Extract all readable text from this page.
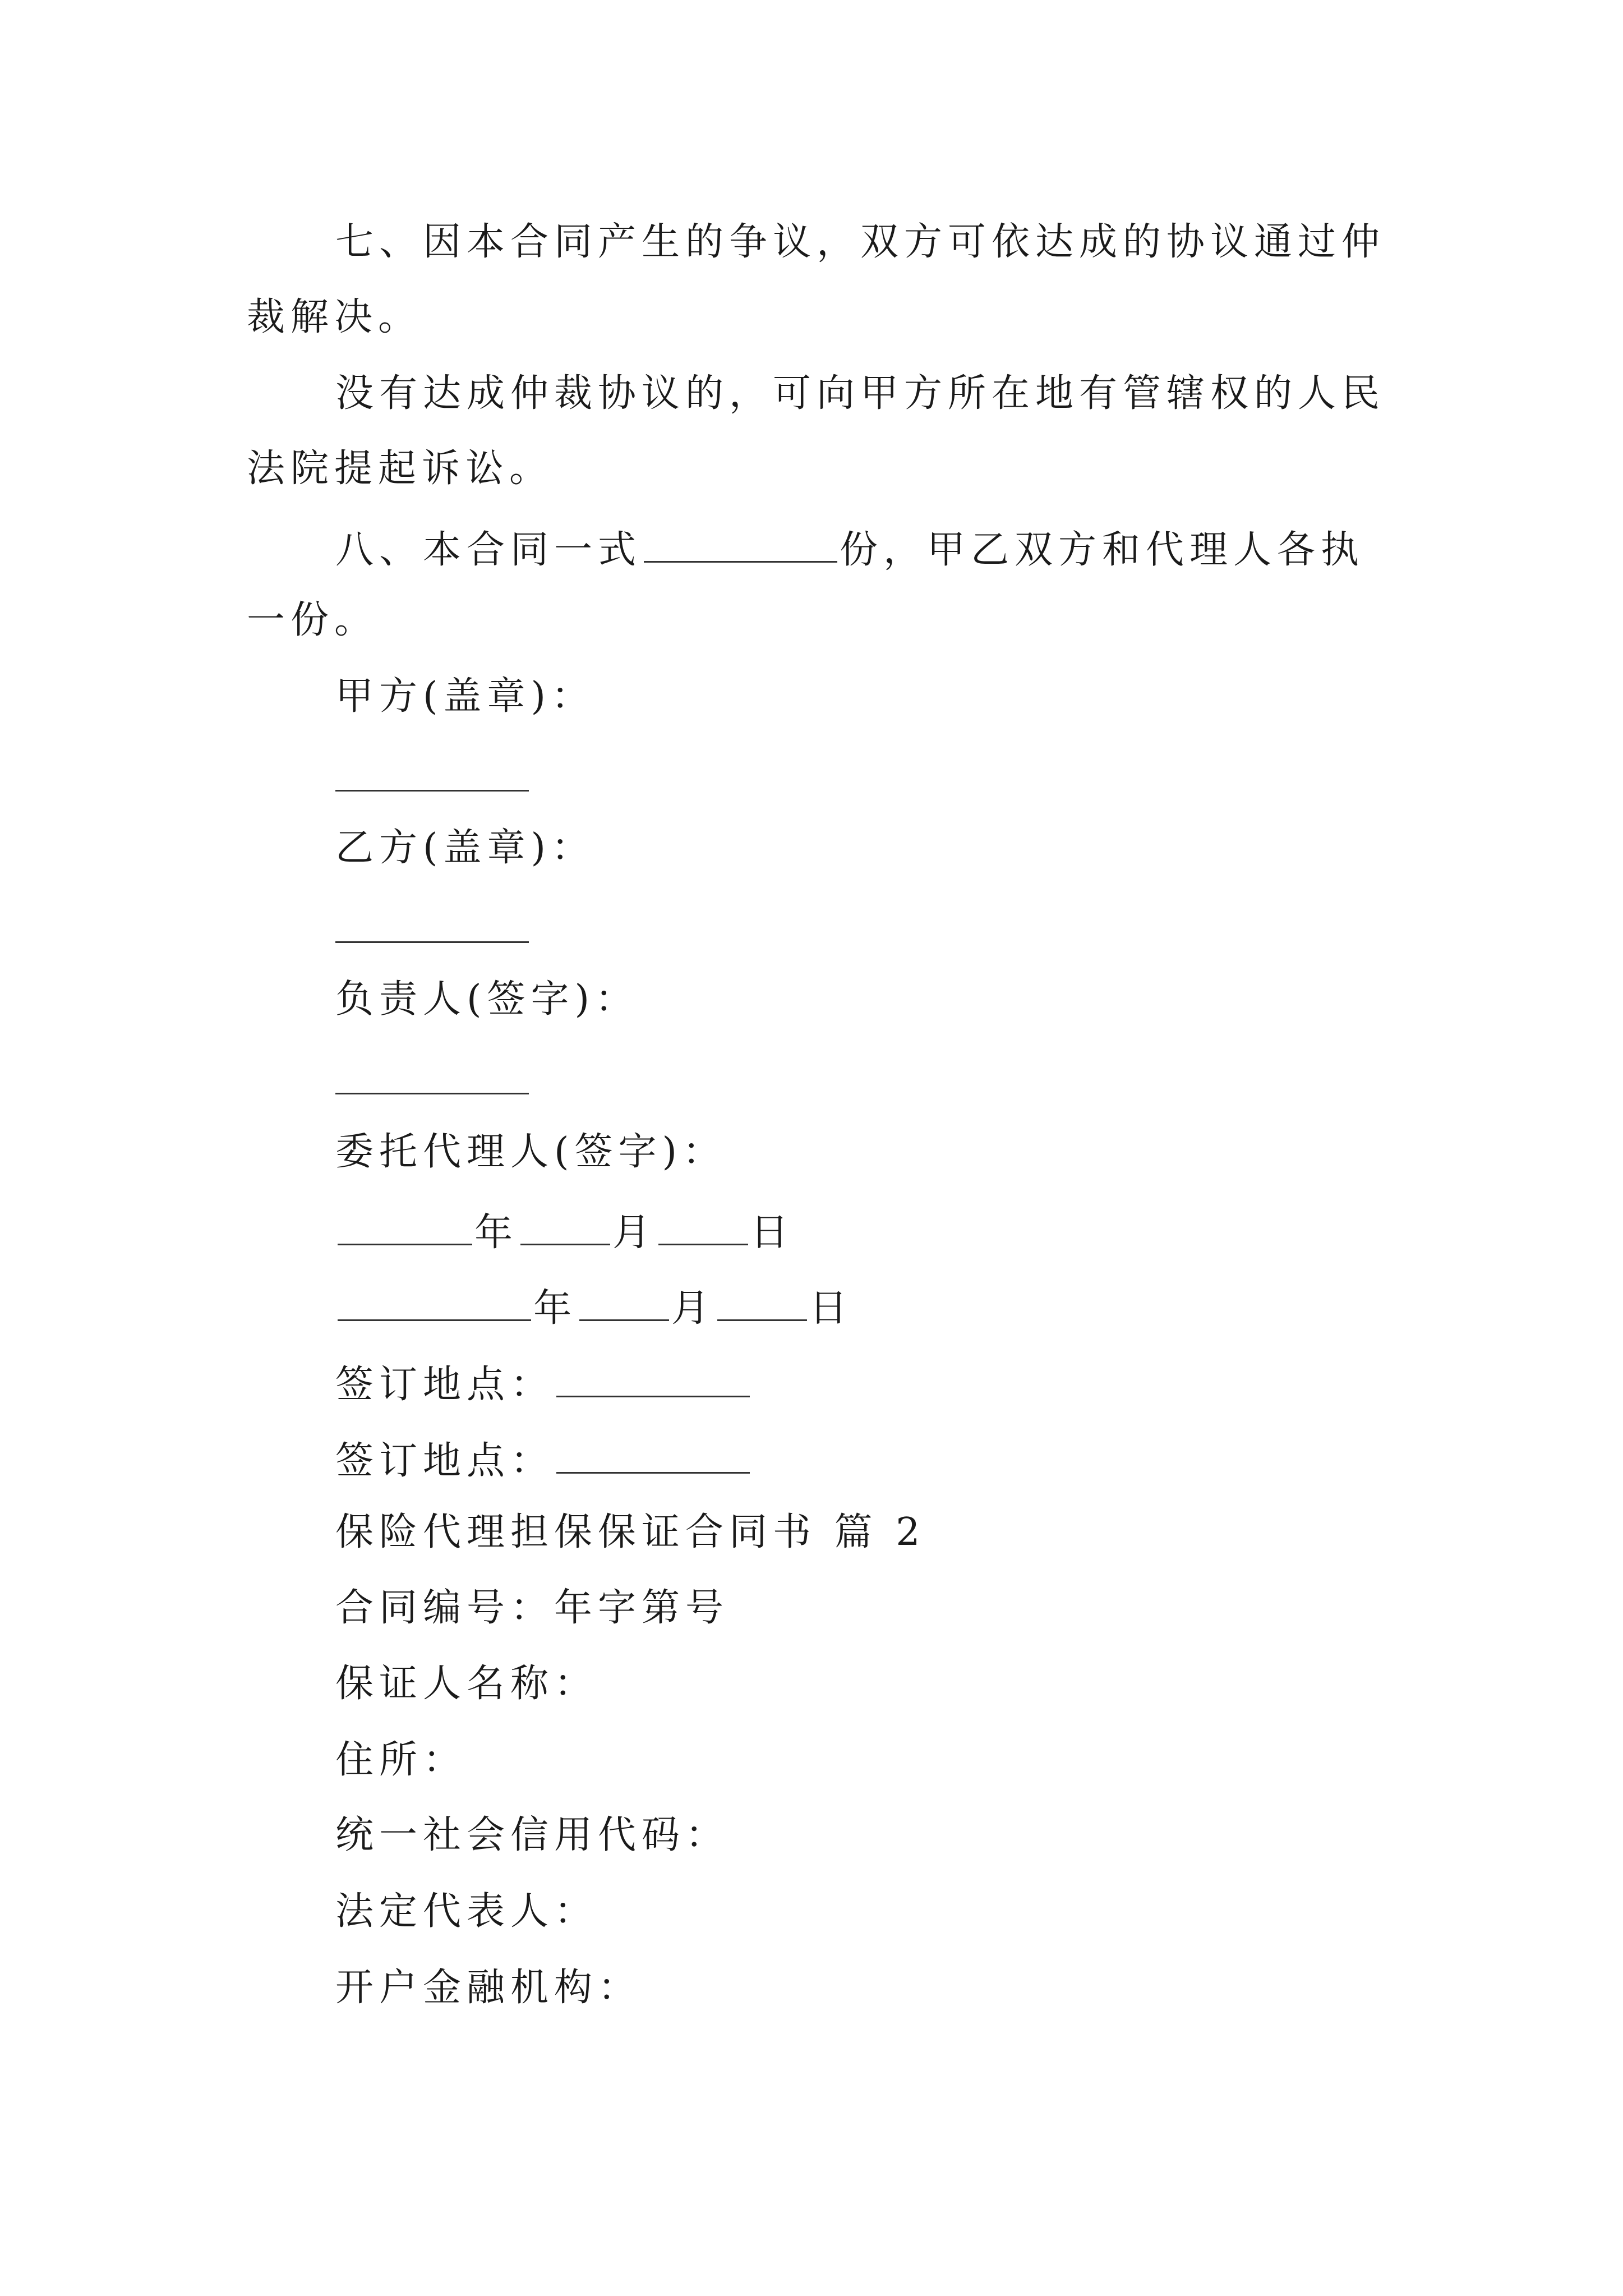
七、因本合同产生的争议，双方可依达成的协议通过仲
裁解决。
没有达成仲裁协议的，可向甲方所在地有管辖权的人民
法院提起诉讼。
八、本合同一式	份，甲乙双方和代理人各执
一份。
甲方(盖章)：
乙方(盖章)：
负责人(签字)：
委托代理人(签字)：
年 月 日
年 月 日
签订地点：
签订地点：
保险代理担保保证合同书 篇 2
合同编号：年字第号
保证人名称：
住所：
统一社会信用代码：
法定代表人：
开户金融机构：
